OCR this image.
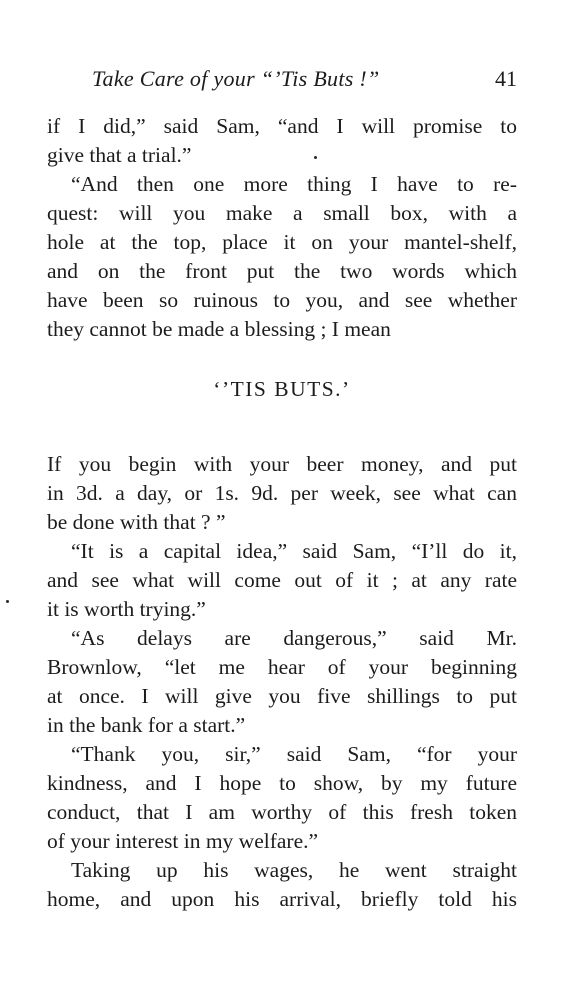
Take Care of your “’Tis Buts !”	41

if I did,” said Sam, “and I will promise to
give that a trial.”

“And then one more thing I have to re-
quest: will you make a small box, with a
hole at the top, place it on your mantel-shelf,
and on the front put the two words which
have been so ruinous to you, and see whether
they cannot be made a blessing ; I mean

‘’TIS BUTS.’

If you begin with your beer money, and put
in 3d. a day, or 1s. 9d. per week, see what can
be done with that ? ”

“It is a capital idea,” said Sam, “I’ll do it,
and see what will come out of it ; at any rate
it is worth trying.”

“As delays are dangerous,” said Mr.
Brownlow, “let me hear of your beginning
at once. I will give you five shillings to put
in the bank for a start.”

“Thank you, sir,” said Sam, “for your
kindness, and I hope to show, by my future
conduct, that I am worthy of this fresh token
of your interest in my welfare.”

Taking up his wages, he went straight
home, and upon his arrival, briefly told his
